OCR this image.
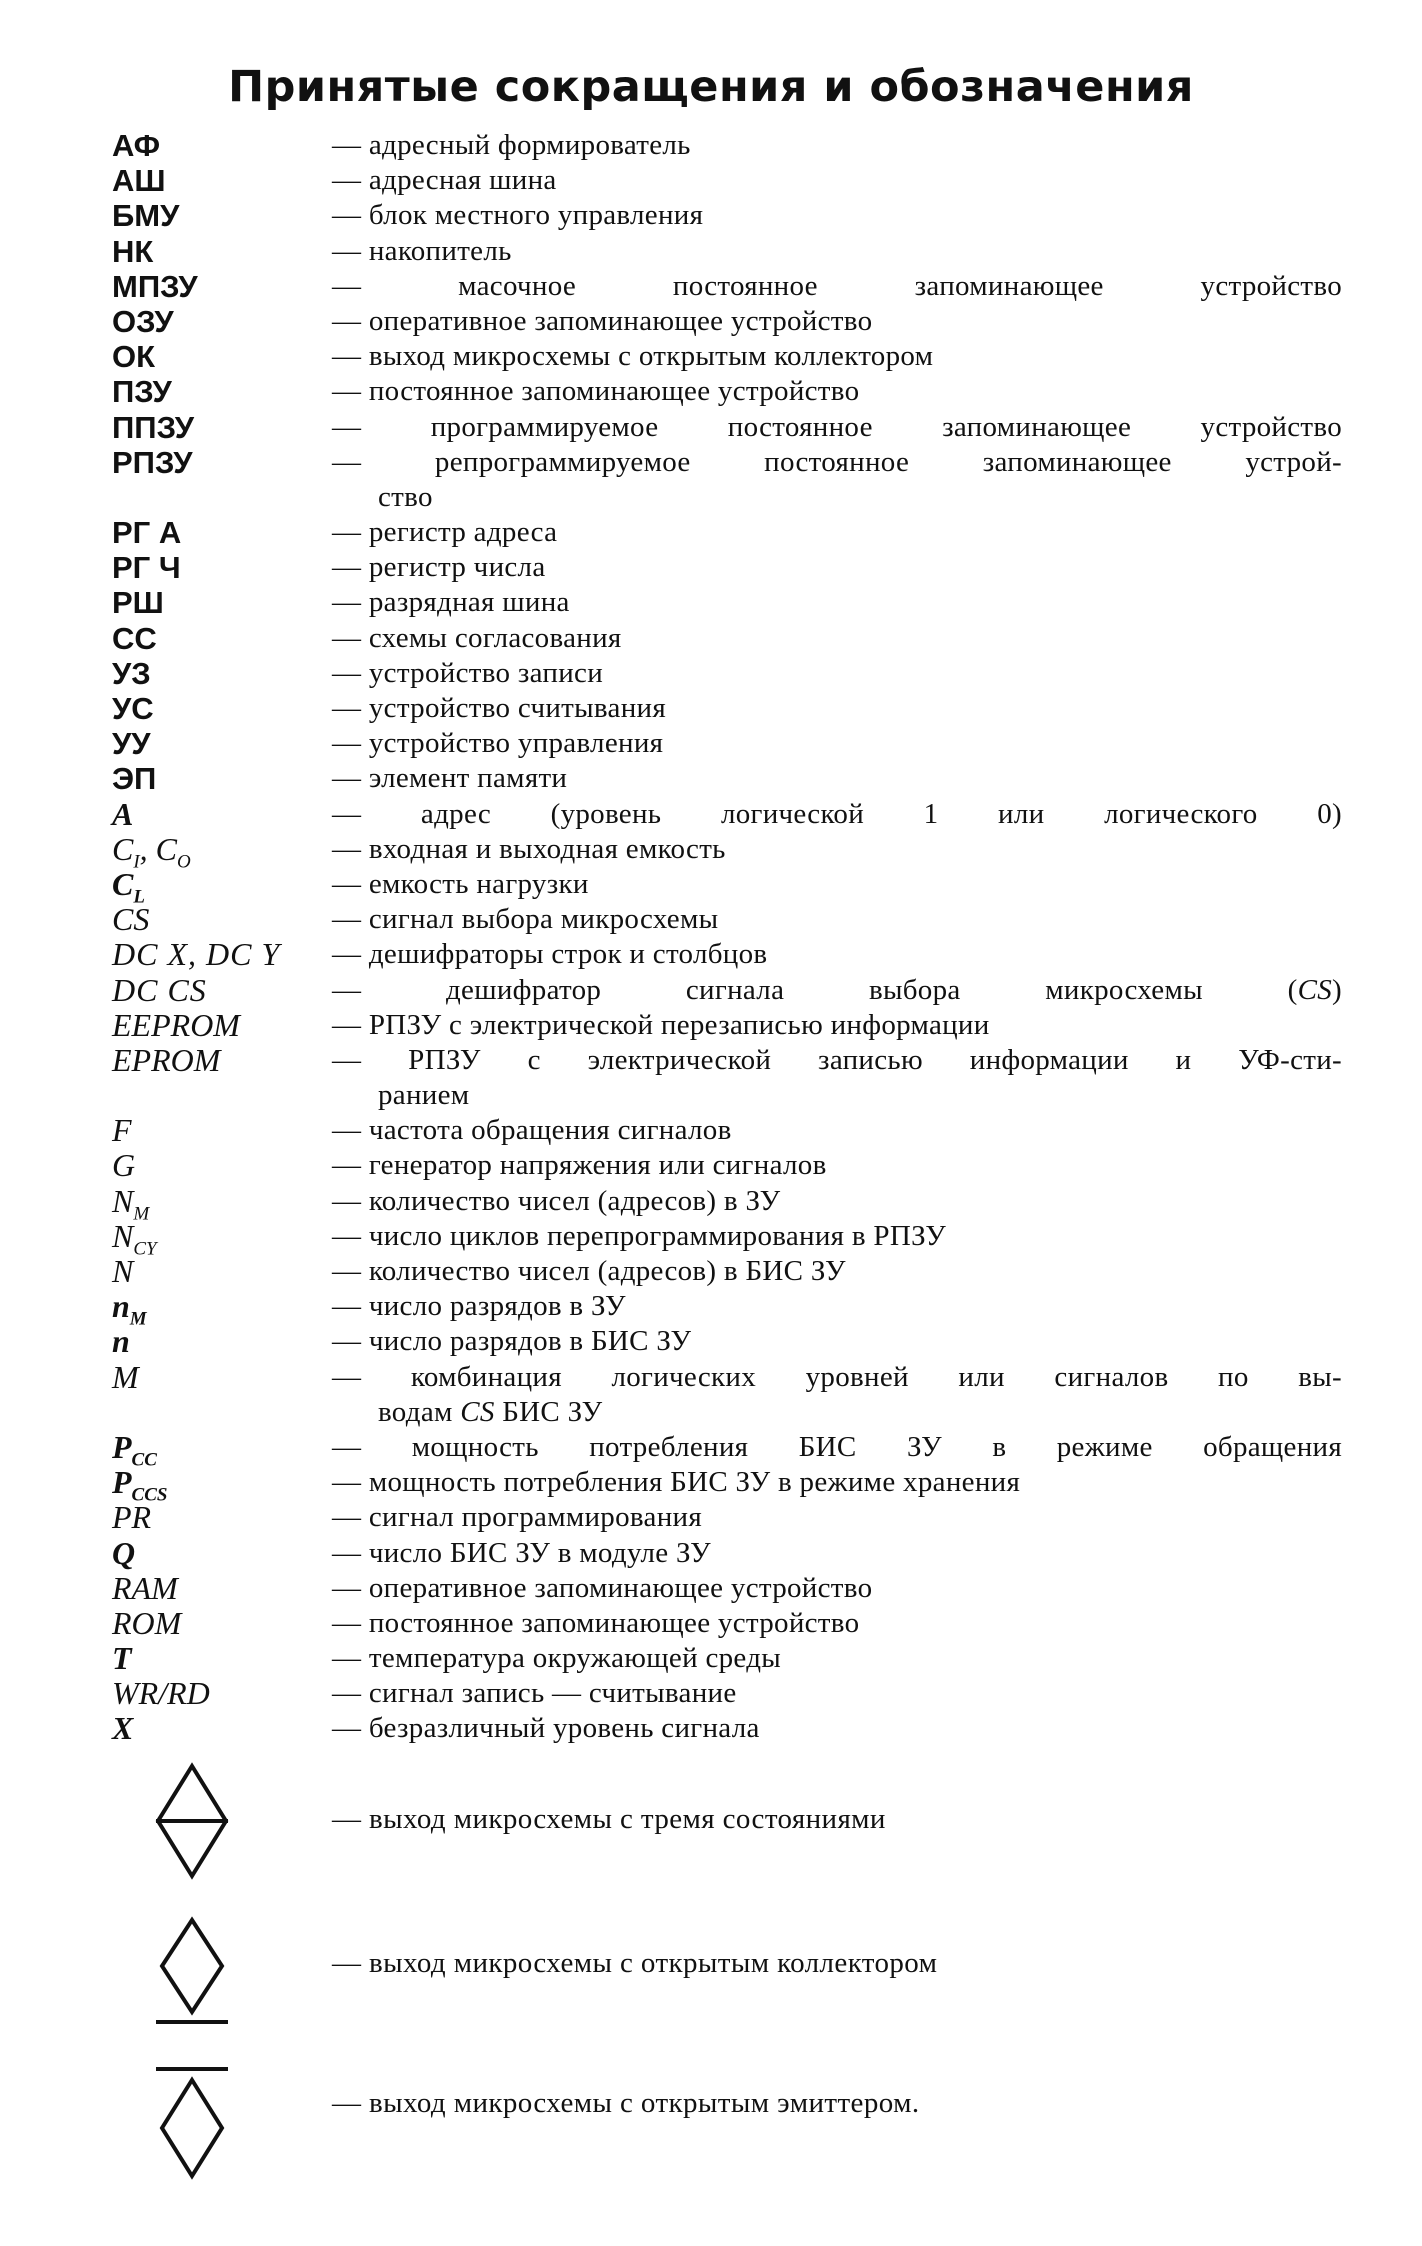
Принятые сокращения и обозначения
АФ	— адресный формирователь
АШ	— адресная шина
БМУ	— блок местного управления
НК	— накопитель
МПЗУ	— масочное постоянное запоминающее устройство
ОЗУ	— оперативное запоминающее устройство
ОК	— выход микросхемы с открытым коллектором
ПЗУ	— постоянное запоминающее устройство
ППЗУ	— программируемое постоянное запоминающее устройство
РПЗУ	— репрограммируемое постоянное запоминающее устрой-
ство
РГ А	— регистр адреса
РГ Ч	— регистр числа
РШ	— разрядная шина
СС	— схемы согласования
УЗ	— устройство записи
УС	— устройство считывания
УУ	— устройство управления
ЭП	— элемент памяти
A	— адрес (уровень логической 1 или логического 0)
$C_I$, $C_O$	— входная и выходная емкость
$C_L$	— емкость нагрузки
CS	— сигнал выбора микросхемы
DC X, DC Y — дешифраторы строк и столбцов
DC CS	— дешифратор сигнала выбора микросхемы (CS)
EEPROM	— РПЗУ с электрической перезаписью информации
EPROM	— РПЗУ с электрической записью информации и УФ-сти-
ранием
F	— частота обращения сигналов
G	— генератор напряжения или сигналов
$N_M$	— количество чисел (адресов) в ЗУ
$N_{CY}$	— число циклов перепрограммирования в РПЗУ
N	— количество чисел (адресов) в БИС ЗУ
$n_M$	— число разрядов в ЗУ
n	— число разрядов в БИС ЗУ
M	— комбинация логических уровней или сигналов по вы-
водам CS БИС ЗУ
$P_{CC}$	— мощность потребления БИС ЗУ в режиме обращения
$P_{CCS}$	— мощность потребления БИС ЗУ в режиме хранения
PR	— сигнал программирования
Q	— число БИС ЗУ в модуле ЗУ
RAM	— оперативное запоминающее устройство
ROM	— постоянное запоминающее устройство
T	— температура окружающей среды
WR/RD	— сигнал запись — считывание
X	— безразличный уровень сигнала
— выход микросхемы с тремя состояниями
— выход микросхемы с открытым коллектором
— выход микросхемы с открытым эмиттером.
